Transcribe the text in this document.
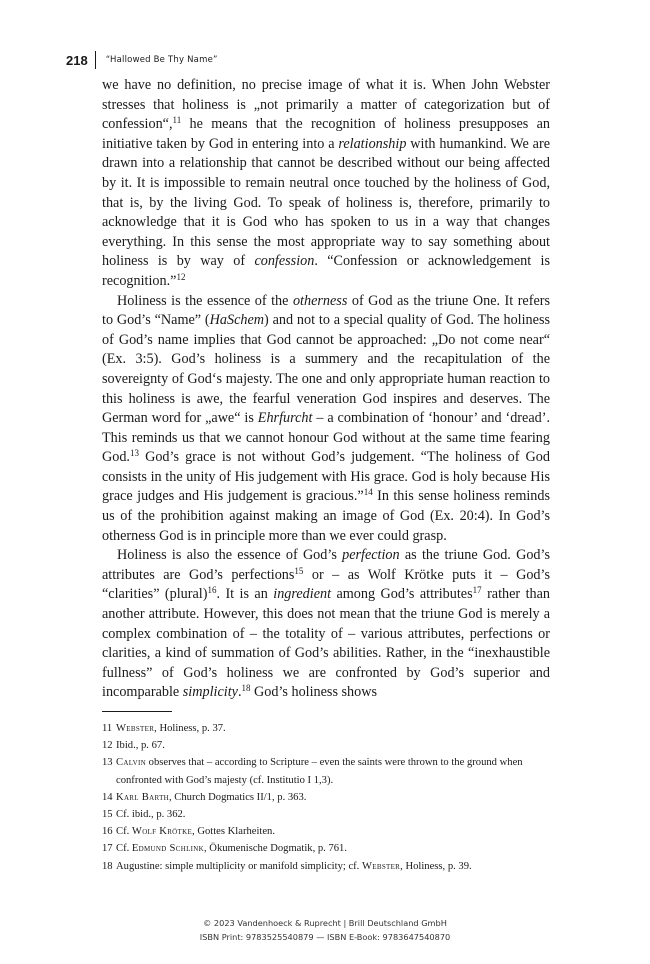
218 “Hallowed Be Thy Name”

we have no definition, no precise image of what it is. When John Webster stresses that holiness is „not primarily a matter of categorization but of confession“,$^{11}$ he means that the recognition of holiness presupposes an initiative taken by God in entering into a relationship with humankind. We are drawn into a relationship that cannot be described without our being affected by it. It is impossible to remain neutral once touched by the holiness of God, that is, by the living God. To speak of holiness is, therefore, primarily to acknowledge that it is God who has spoken to us in a way that changes everything. In this sense the most appropriate way to say something about holiness is by way of confession. “Confession or acknowledgement is recognition.”$^{12}$

Holiness is the essence of the otherness of God as the triune One. It refers to God’s “Name” (HaSchem) and not to a special quality of God. The holiness of God’s name implies that God cannot be approached: „Do not come near“ (Ex. 3:5). God’s holiness is a summery and the recapitulation of the sovereignty of God‘s majesty. The one and only appropriate human reaction to this holiness is awe, the fearful veneration God inspires and deserves. The German word for „awe“ is Ehrfurcht – a combination of ‘honour’ and ‘dread’. This reminds us that we cannot honour God without at the same time fearing God.$^{13}$ God’s grace is not without God’s judgement. “The holiness of God consists in the unity of His judgement with His grace. God is holy because His grace judges and His judgement is gracious.”$^{14}$ In this sense holiness reminds us of the prohibition against making an image of God (Ex. 20:4). In God’s otherness God is in principle more than we ever could grasp.

Holiness is also the essence of God’s perfection as the triune God. God’s attributes are God’s perfections$^{15}$ or – as Wolf Krötke puts it – God’s “clarities” (plural)$^{16}$. It is an ingredient among God’s attributes$^{17}$ rather than another attribute. However, this does not mean that the triune God is merely a complex combination of – the totality of – various attributes, perfections or clarities, a kind of summation of God’s abilities. Rather, in the “inexhaustible fullness” of God’s holiness we are confronted by God’s superior and incomparable simplicity.$^{18}$ God’s holiness shows

11 Webster, Holiness, p. 37.
12 Ibid., p. 67.
13 Calvin observes that – according to Scripture – even the saints were thrown to the ground when confronted with God’s majesty (cf. Institutio I 1,3).
14 Karl Barth, Church Dogmatics II/1, p. 363.
15 Cf. ibid., p. 362.
16 Cf. Wolf Krötke, Gottes Klarheiten.
17 Cf. Edmund Schlink, Ökumenische Dogmatik, p. 761.
18 Augustine: simple multiplicity or manifold simplicity; cf. Webster, Holiness, p. 39.
© 2023 Vandenhoeck & Ruprecht | Brill Deutschland GmbH
ISBN Print: 9783525540879 — ISBN E-Book: 9783647540870
